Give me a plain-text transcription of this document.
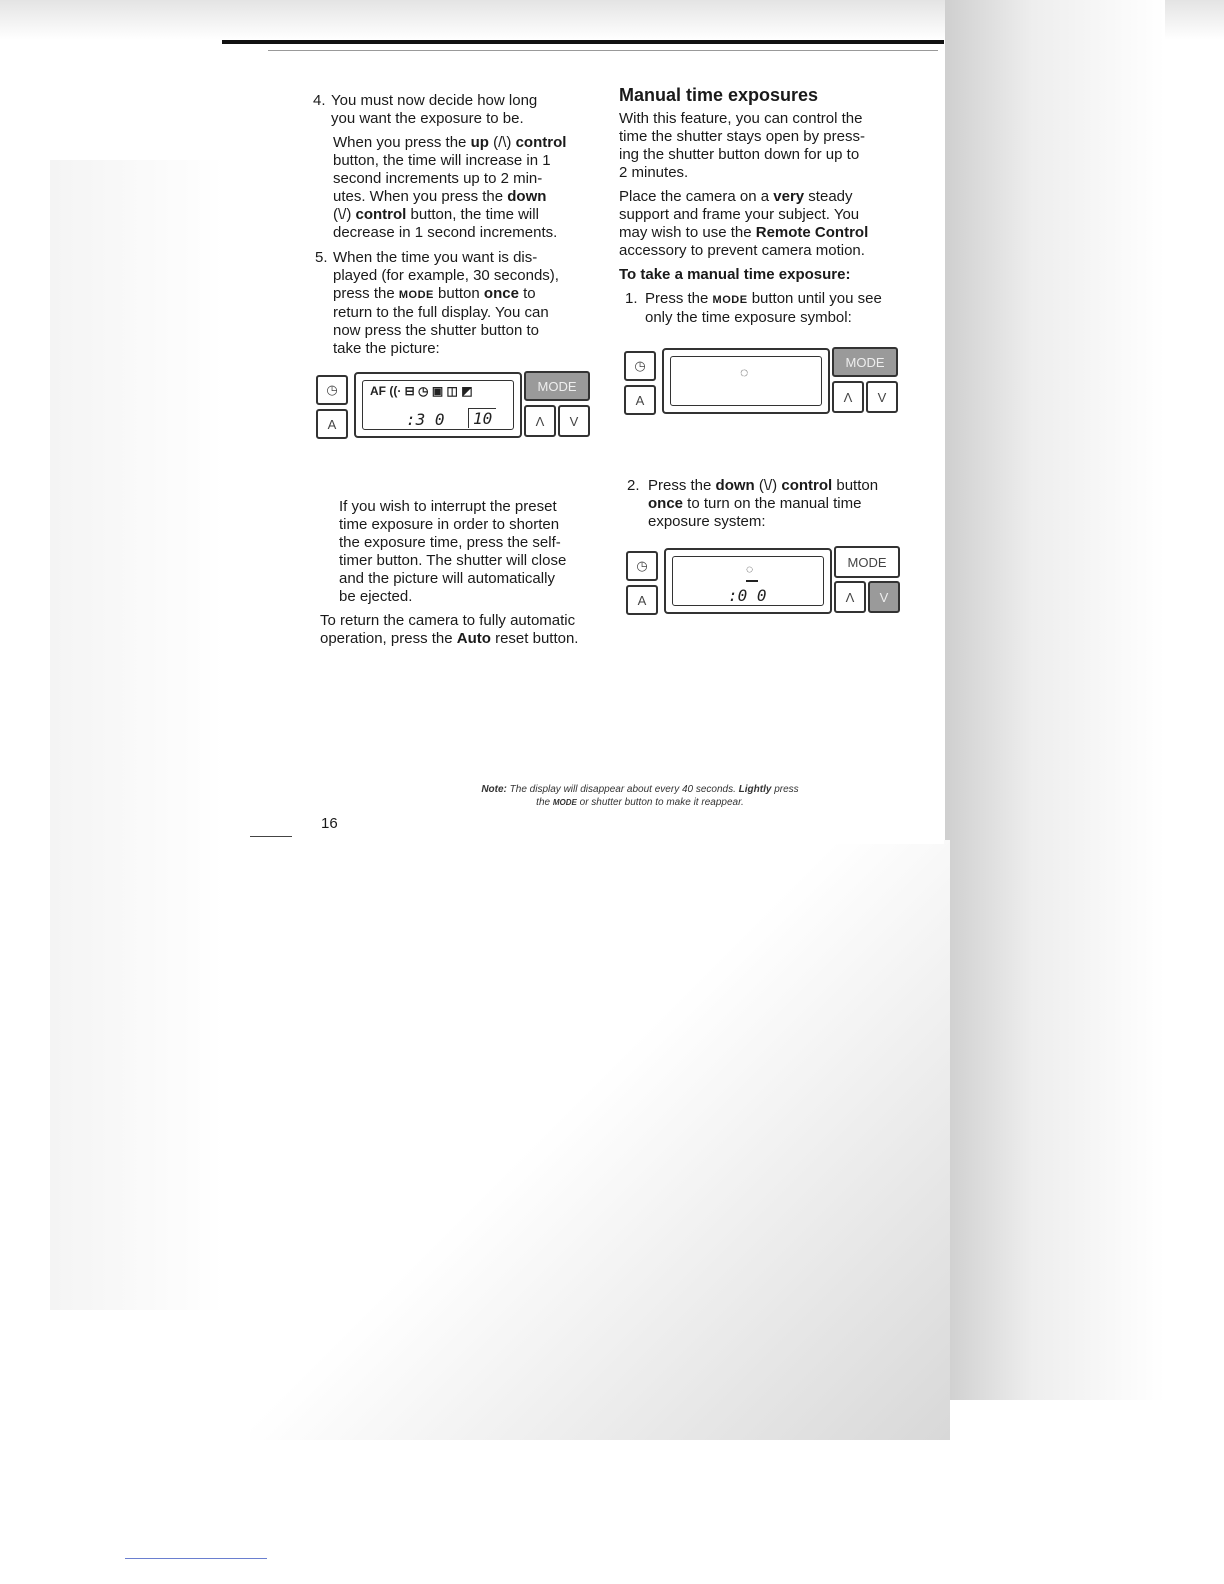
4. You must now decide how long

you want the exposure to be.

When you press the up (/\) control

button, the time will increase in 1

second increments up to 2 min-

utes. When you press the down

(\/) control button, the time will

decrease in 1 second increments.

5. When the time you want is dis-

played (for example, 30 seconds),

press the MODE button once to

return to the full display. You can

now press the shutter button to

take the picture:

If you wish to interrupt the preset

time exposure in order to shorten

the exposure time, press the self-

timer button. The shutter will close

and the picture will automatically

be ejected.

To return the camera to fully automatic

operation, press the Auto reset button.

◷
A
AF ((· ⊟ ◷ ▣ ◫ ◩
:3 0	10
MODE
Λ	V

Manual time exposures

With this feature, you can control the

time the shutter stays open by press-

ing the shutter button down for up to

2 minutes.

Place the camera on a very steady

support and frame your subject. You

may wish to use the Remote Control

accessory to prevent camera motion.

To take a manual time exposure:

1. Press the MODE button until you see

only the time exposure symbol:

2. Press the down (\/) control button

once to turn on the manual time

exposure system:

◷
A
◌
MODE
Λ	V
◷
A
◌
:0 0
MODE
Λ	V

Note: The display will disappear about every 40 seconds. Lightly press

the MODE or shutter button to make it reappear.

16
